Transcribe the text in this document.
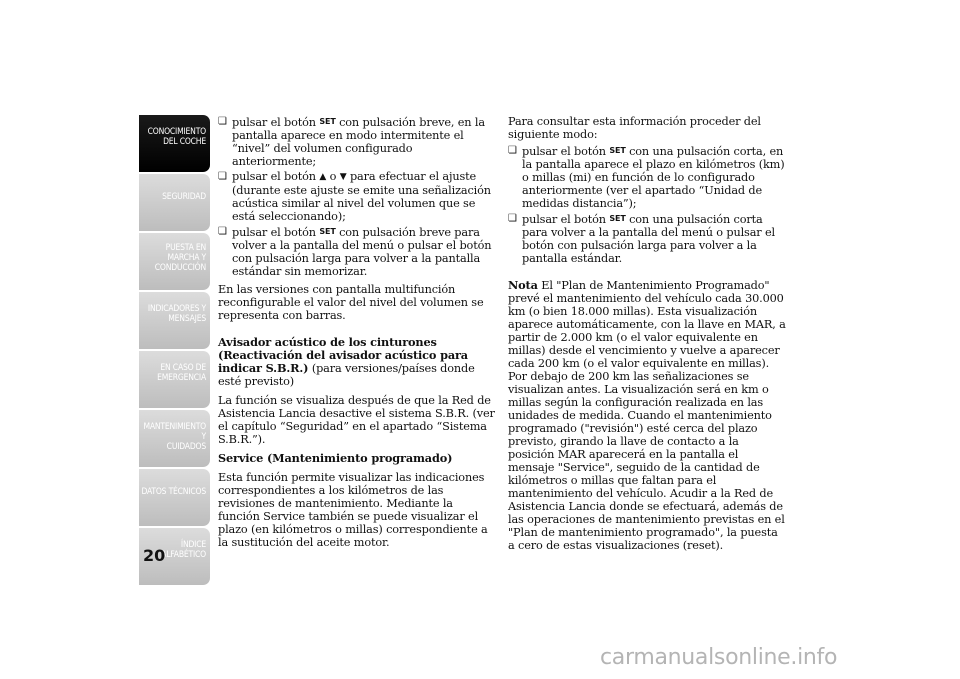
CONOCIMIENTO
DEL COCHE
SEGURIDAD
PUESTA EN
MARCHA Y
CONDUCCIÓN
INDICADORES Y
MENSAJES
EN CASO DE
EMERGENCIA
MANTENIMIENTO Y
CUIDADOS
DATOS TÉCNICOS
ÍNDICE
ALFABÉTICO
20
❏ pulsar el botón SET con pulsación breve, en la pantalla aparece en modo intermitente el “nivel” del volumen configurado anteriormente;
❏ pulsar el botón ▲ o ▼ para efectuar el ajuste (durante este ajuste se emite una señalización acústica similar al nivel del volumen que se está seleccionando);
❏ pulsar el botón SET con pulsación breve para volver a la pantalla del menú o pulsar el botón con pulsación larga para volver a la pantalla estándar sin memorizar.

En las versiones con pantalla multifunción reconfigurable el valor del nivel del volumen se representa con barras.

Avisador acústico de los cinturones (Reactivación del avisador acústico para indicar S.B.R.) (para versiones/países donde esté previsto)

La función se visualiza después de que la Red de Asistencia Lancia desactive el sistema S.B.R. (ver el capítulo “Seguridad” en el apartado “Sistema S.B.R.”).

Service (Mantenimiento programado)

Esta función permite visualizar las indicaciones correspondientes a los kilómetros de las revisiones de mantenimiento. Mediante la función Service también se puede visualizar el plazo (en kilómetros o millas) correspondiente a la sustitución del aceite motor.

Para consultar esta información proceder del siguiente modo:

❏ pulsar el botón SET con una pulsación corta, en la pantalla aparece el plazo en kilómetros (km) o millas (mi) en función de lo configurado anteriormente (ver el apartado “Unidad de medidas distancia”);
❏ pulsar el botón SET con una pulsación corta para volver a la pantalla del menú o pulsar el botón con pulsación larga para volver a la pantalla estándar.

Nota El "Plan de Mantenimiento Programado" prevé el mantenimiento del vehículo cada 30.000 km (o bien 18.000 millas). Esta visualización aparece automáticamente, con la llave en MAR, a partir de 2.000 km (o el valor equivalente en millas) desde el vencimiento y vuelve a aparecer cada 200 km (o el valor equivalente en millas). Por debajo de 200 km las señalizaciones se visualizan antes. La visualización será en km o millas según la configuración realizada en las unidades de medida. Cuando el mantenimiento programado ("revisión") esté cerca del plazo previsto, girando la llave de contacto a la posición MAR aparecerá en la pantalla el mensaje "Service", seguido de la cantidad de kilómetros o millas que faltan para el mantenimiento del vehículo. Acudir a la Red de Asistencia Lancia donde se efectuará, además de las operaciones de mantenimiento previstas en el "Plan de mantenimiento programado", la puesta a cero de estas visualizaciones (reset).

carmanualsonline.info
